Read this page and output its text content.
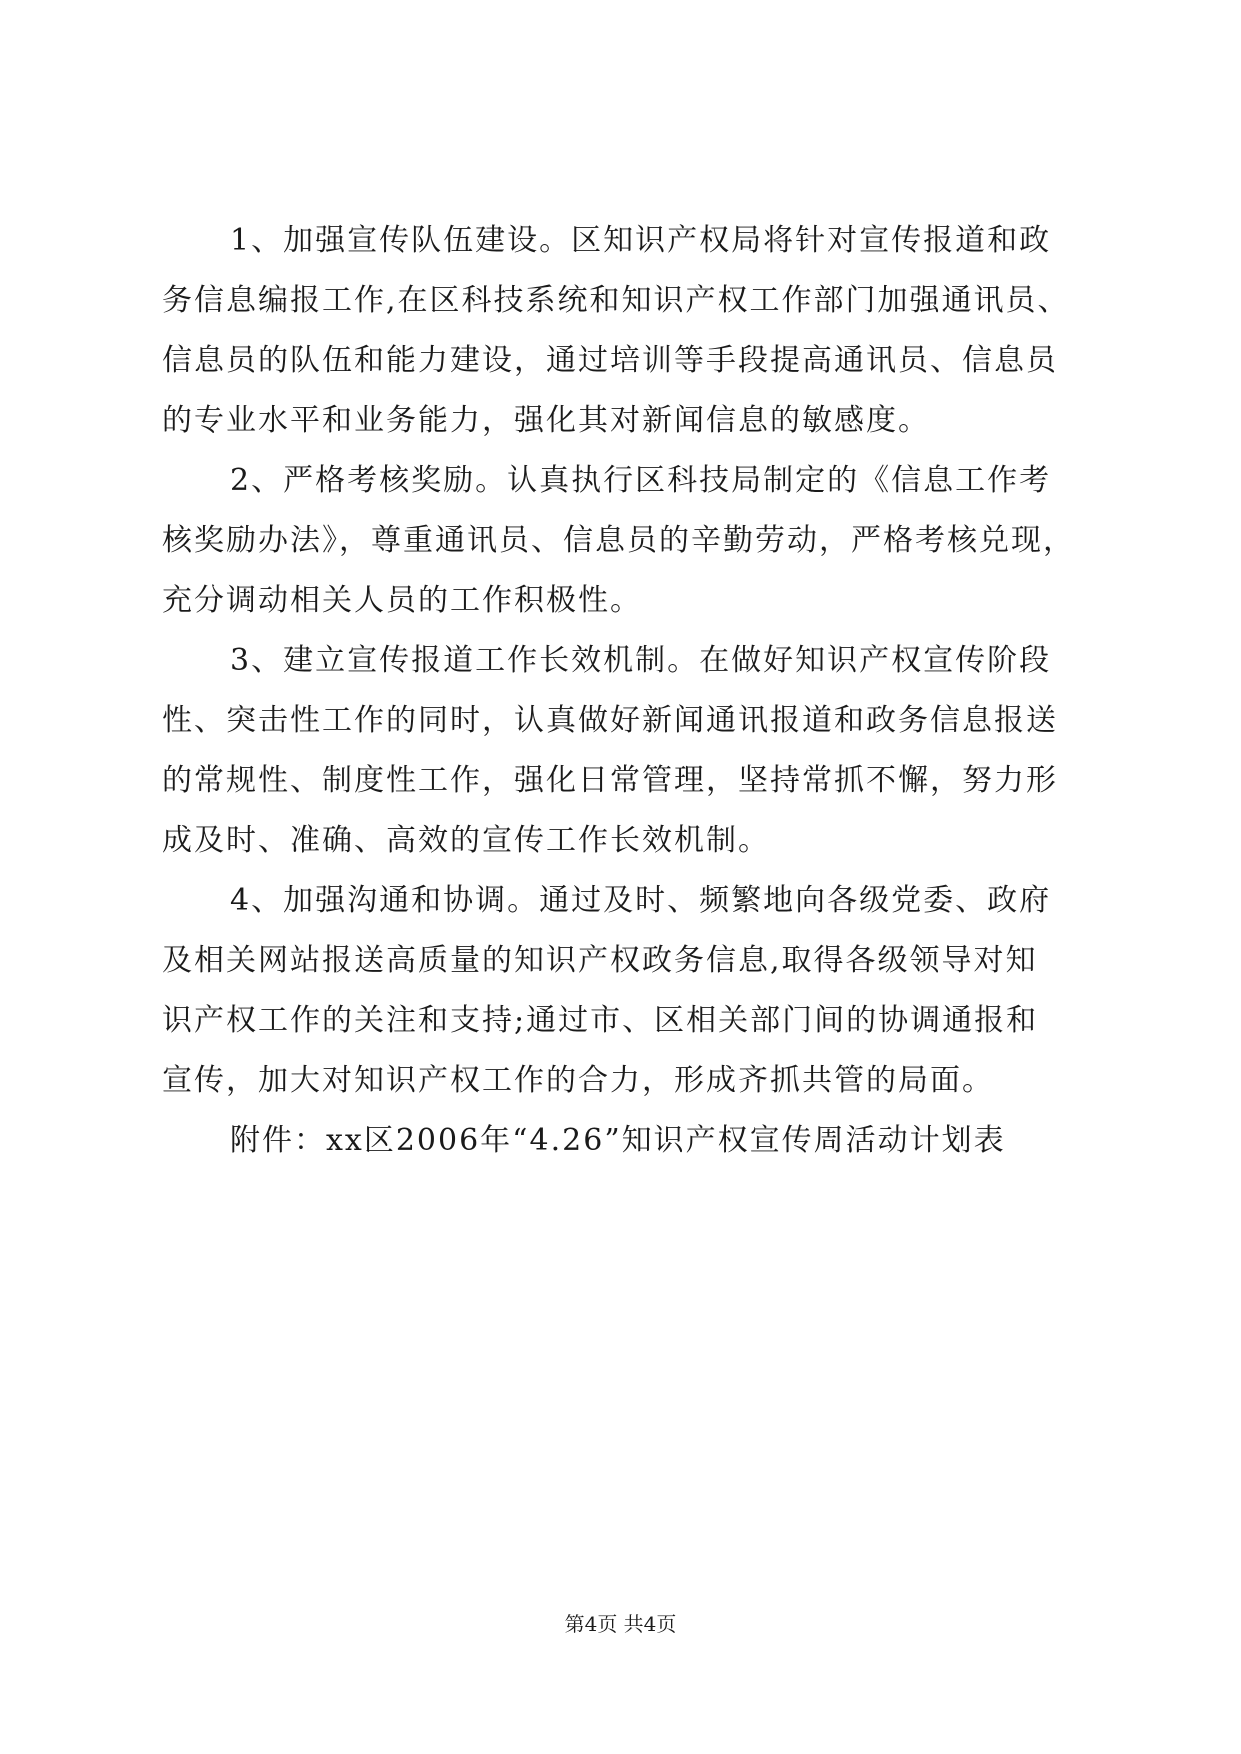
1、加强宣传队伍建设。区知识产权局将针对宣传报道和政
务信息编报工作,在区科技系统和知识产权工作部门加强通讯员、
信息员的队伍和能力建设，通过培训等手段提高通讯员、信息员
的专业水平和业务能力，强化其对新闻信息的敏感度。

2、严格考核奖励。认真执行区科技局制定的《信息工作考
核奖励办法》，尊重通讯员、信息员的辛勤劳动，严格考核兑现，
充分调动相关人员的工作积极性。

3、建立宣传报道工作长效机制。在做好知识产权宣传阶段
性、突击性工作的同时，认真做好新闻通讯报道和政务信息报送
的常规性、制度性工作，强化日常管理，坚持常抓不懈，努力形
成及时、准确、高效的宣传工作长效机制。

4、加强沟通和协调。通过及时、频繁地向各级党委、政府
及相关网站报送高质量的知识产权政务信息,取得各级领导对知
识产权工作的关注和支持;通过市、区相关部门间的协调通报和
宣传，加大对知识产权工作的合力，形成齐抓共管的局面。

附件：xx区2006年“4.26”知识产权宣传周活动计划表

第4页 共4页
